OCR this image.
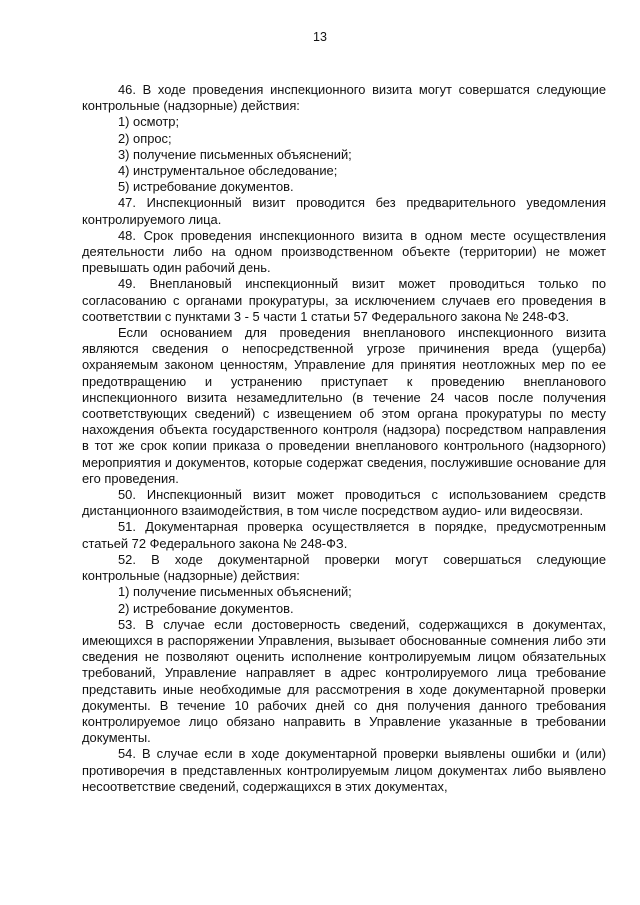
13

46. В ходе проведения инспекционного визита могут совершатся следующие контрольные (надзорные) действия:

1) осмотр;

2) опрос;

3) получение письменных объяснений;

4) инструментальное обследование;

5) истребование документов.

47. Инспекционный визит проводится без предварительного уведомления контролируемого лица.

48. Срок проведения инспекционного визита в одном месте осуществления деятельности либо на одном производственном объекте (территории) не может превышать один рабочий день.

49. Внеплановый инспекционный визит может проводиться только по согласованию с органами прокуратуры, за исключением случаев его проведения в соответствии с пунктами 3 - 5 части 1 статьи 57 Федерального закона № 248-ФЗ.

Если основанием для проведения внепланового инспекционного визита являются сведения о непосредственной угрозе причинения вреда (ущерба) охраняемым законом ценностям, Управление для принятия неотложных мер по ее предотвращению и устранению приступает к проведению внепланового инспекционного визита незамедлительно (в течение 24 часов после получения соответствующих сведений) с извещением об этом органа прокуратуры по месту нахождения объекта государственного контроля (надзора) посредством направления в тот же срок копии приказа о проведении внепланового контрольного (надзорного) мероприятия и документов, которые содержат сведения, послужившие основание для его проведения.

50. Инспекционный визит может проводиться с использованием средств дистанционного взаимодействия, в том числе посредством аудио- или видеосвязи.

51. Документарная проверка осуществляется в порядке, предусмотренным статьей 72 Федерального закона № 248-ФЗ.

52. В ходе документарной проверки могут совершаться следующие контрольные (надзорные) действия:

1) получение письменных объяснений;

2) истребование документов.

53. В случае если достоверность сведений, содержащихся в документах, имеющихся в распоряжении Управления, вызывает обоснованные сомнения либо эти сведения не позволяют оценить исполнение контролируемым лицом обязательных требований, Управление направляет в адрес контролируемого лица требование представить иные необходимые для рассмотрения в ходе документарной проверки документы. В течение 10 рабочих дней со дня получения данного требования контролируемое лицо обязано направить в Управление указанные в требовании документы.

54. В случае если в ходе документарной проверки выявлены ошибки и (или) противоречия в представленных контролируемым лицом документах либо выявлено несоответствие сведений, содержащихся в этих документах,
